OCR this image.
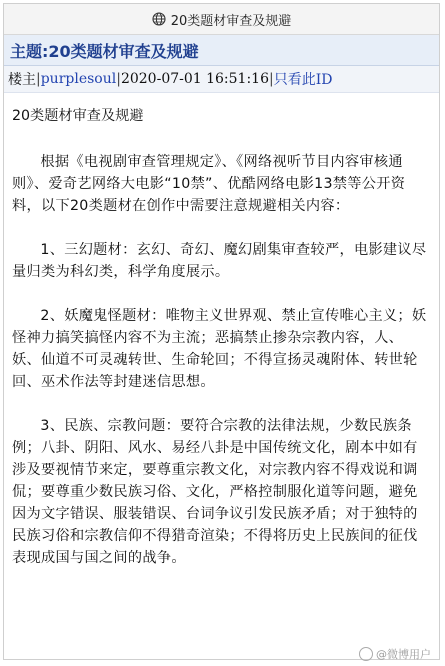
20类题材审查及规避
主题:20类题材审查及规避
楼主 | purplesoul | 2020-07-01 16:51:16 | 只看此ID
20类题材审查及规避

根据《电视剧审查管理规定》、《网络视听节目内容审核通则》、爱奇艺网络大电影“10禁”、优酷网络电影13禁等公开资料，以下20类题材在创作中需要注意规避相关内容：

1、三幻题材：玄幻、奇幻、魔幻剧集审查较严，电影建议尽量归类为科幻类，科学角度展示。

2、妖魔鬼怪题材：唯物主义世界观、禁止宣传唯心主义；妖怪神力搞笑搞怪内容不为主流；恶搞禁止掺杂宗教内容，人、妖、仙道不可灵魂转世、生命轮回；不得宣扬灵魂附体、转世轮回、巫术作法等封建迷信思想。

3、民族、宗教问题：要符合宗教的法律法规，少数民族条例；八卦、阴阳、风水、易经八卦是中国传统文化，剧本中如有涉及要视情节来定，要尊重宗教文化，对宗教内容不得戏说和调侃；要尊重少数民族习俗、文化，严格控制服化道等问题，避免因为文字错误、服装错误、台词争议引发民族矛盾；对于独特的民族习俗和宗教信仰不得猎奇渲染；不得将历史上民族间的征伐表现成国与国之间的战争。

@微博用户
